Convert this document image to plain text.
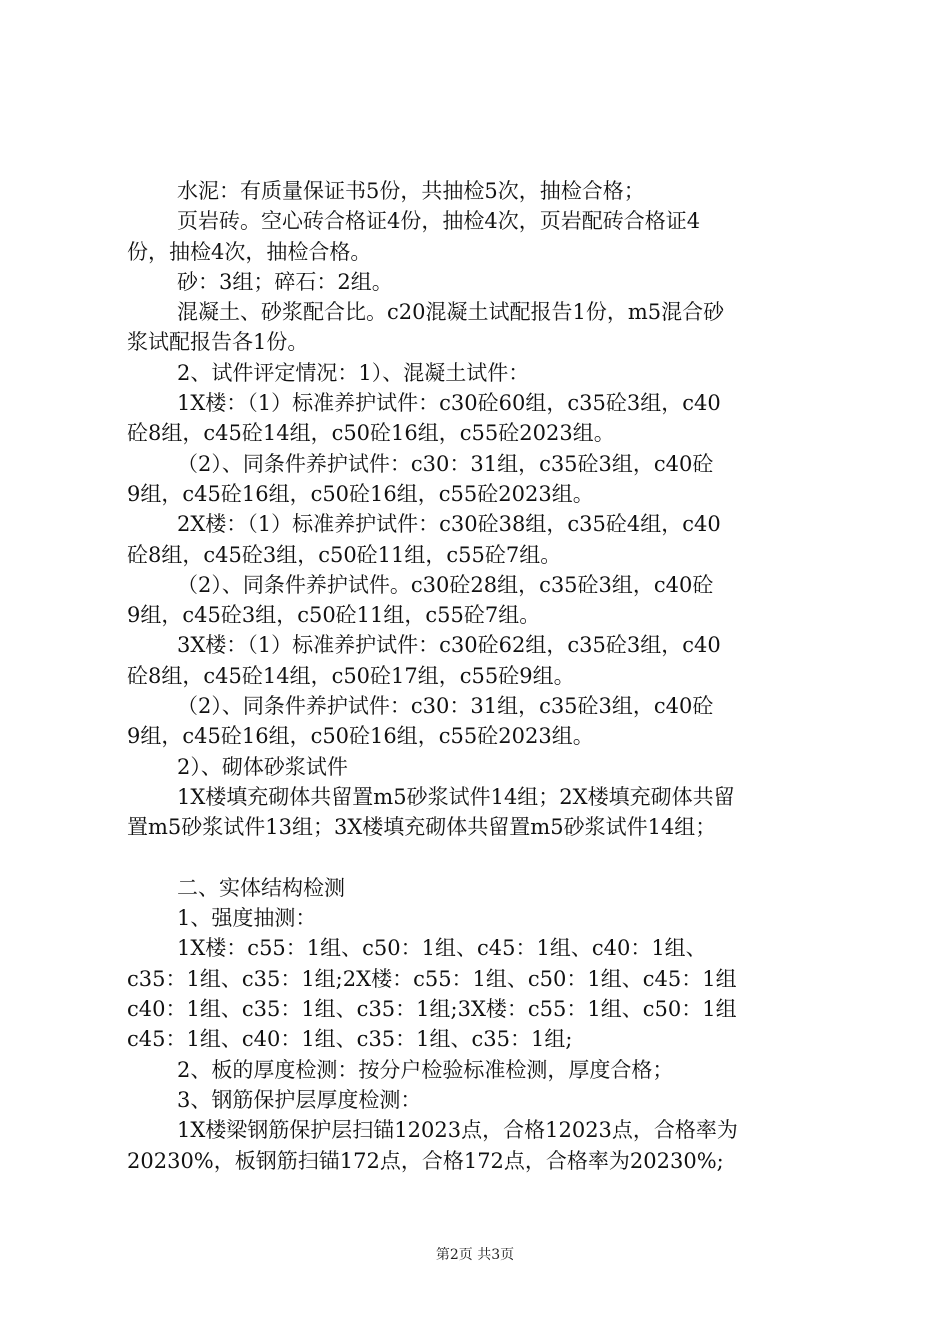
水泥：有质量保证书5份，共抽检5次，抽检合格；
页岩砖。空心砖合格证4份，抽检4次，页岩配砖合格证4
份，抽检4次，抽检合格。
砂：3组；碎石：2组。
混凝土、砂浆配合比。c20混凝土试配报告1份，m5混合砂
浆试配报告各1份。
2、试件评定情况：1）、混凝土试件：
1X楼：（1）标准养护试件：c30砼60组，c35砼3组，c40
砼8组，c45砼14组，c50砼16组，c55砼2023组。
（2）、同条件养护试件：c30：31组，c35砼3组，c40砼
9组，c45砼16组，c50砼16组，c55砼2023组。
2X楼：（1）标准养护试件：c30砼38组，c35砼4组，c40
砼8组，c45砼3组，c50砼11组，c55砼7组。
（2）、同条件养护试件。c30砼28组，c35砼3组，c40砼
9组，c45砼3组，c50砼11组，c55砼7组。
3X楼：（1）标准养护试件：c30砼62组，c35砼3组，c40
砼8组，c45砼14组，c50砼17组，c55砼9组。
（2）、同条件养护试件：c30：31组，c35砼3组，c40砼
9组，c45砼16组，c50砼16组，c55砼2023组。
2）、砌体砂浆试件
1X楼填充砌体共留置m5砂浆试件14组；2X楼填充砌体共留
置m5砂浆试件13组；3X楼填充砌体共留置m5砂浆试件14组；
二、实体结构检测
1、强度抽测：
1X楼：c55：1组、c50：1组、c45：1组、c40：1组、
c35：1组、c35：1组;2X楼：c55：1组、c50：1组、c45：1组
c40：1组、c35：1组、c35：1组;3X楼：c55：1组、c50：1组
c45：1组、c40：1组、c35：1组、c35：1组;
2、板的厚度检测：按分户检验标准检测，厚度合格；
3、钢筋保护层厚度检测：
1X楼梁钢筋保护层扫锚12023点，合格12023点，合格率为
20230%，板钢筋扫锚172点，合格172点，合格率为20230%;
第2页 共3页
